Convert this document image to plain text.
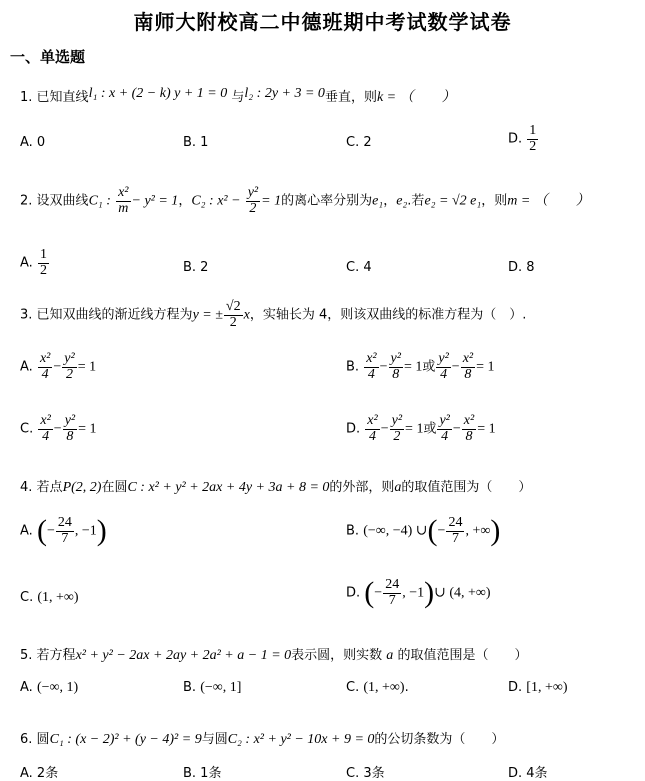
南师大附校高二中德班期中考试数学试卷
一、单选题
1. 已知直线l₁ : x + (2 − k) y + 1 = 0 与l₂ : 2y + 3 = 0垂直，则k = （　　）
A. 0	B. 1	C. 2	D. $\frac{1}{2}$
2. 设双曲线C₁ : $\frac{\text{x²}}{m} - y^2 = 1$，C₂ : $x^2 - \frac{\text{y²}}{2} = 1$的离心率分别为e₁，e₂.若e₂ = √2 e₁，则m = （　　）
A. $\frac{1}{2}$	B. 2	C. 4	D. 8
3. 已知双曲线的渐近线方程为y = ± $\frac{√2}{2}$ x，实轴长为 4，则该双曲线的标准方程为（　）.
A. $\frac{\text{x²}}{4} - \frac{\text{y²}}{2} = 1$	B. $\frac{\text{x²}}{4} - \frac{\text{y²}}{8} = 1$或 $\frac{\text{y²}}{4} - \frac{\text{x²}}{8} = 1$
C. $\frac{\text{x²}}{4} - \frac{\text{y²}}{8} = 1$	D. $\frac{\text{x²}}{4} - \frac{\text{y²}}{2} = 1$或 $\frac{\text{y²}}{4} - \frac{\text{x²}}{8} = 1$
4. 若点P(2, 2)在圆C : x² + y² + 2ax + 4y + 3a + 8 = 0的外部，则a的取值范围为（　　）
A. (− $\frac{24}{7}$ , −1)	B. (−∞, −4) ∪(− $\frac{24}{7}$ , +∞)
C. (1, +∞)	D. (− $\frac{24}{7}$ , −1)∪ (4, +∞)
5. 若方程x² + y² − 2ax + 2ay + 2a² + a − 1 = 0表示圆，则实数 a 的取值范围是（　　）
A. (−∞, 1)	B. (−∞, 1]	C. (1, +∞).	D. [1, +∞)
6. 圆C₁ : (x − 2)² + (y − 4)² = 9与圆C₂ : x² + y² − 10x + 9 = 0的公切条数为（　　）
A. 2条	B. 1条	C. 3条	D. 4条
